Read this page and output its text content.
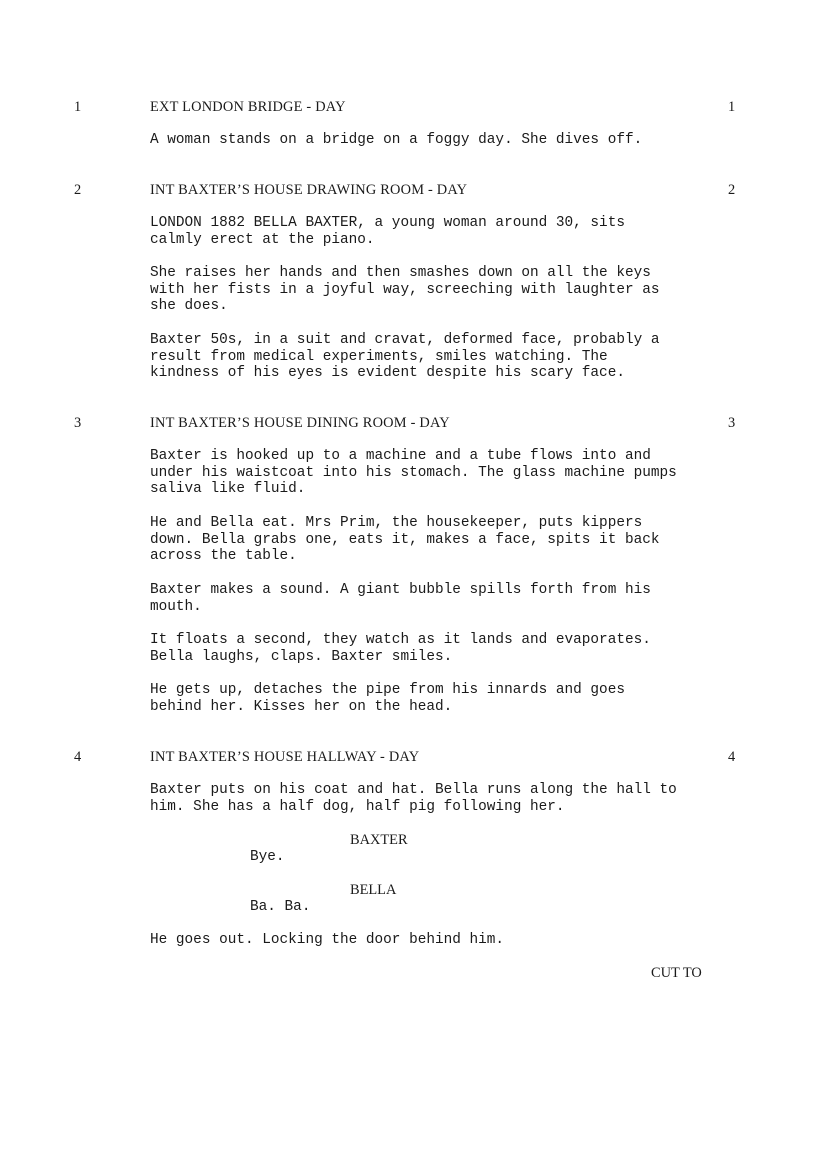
1	EXT LONDON BRIDGE - DAY	1

A woman stands on a bridge on a foggy day. She dives off.

2	INT BAXTER’S HOUSE DRAWING ROOM - DAY	2

LONDON 1882 BELLA BAXTER, a young woman around 30, sits
calmly erect at the piano.

She raises her hands and then smashes down on all the keys
with her fists in a joyful way, screeching with laughter as
she does.

Baxter 50s, in a suit and cravat, deformed face, probably a
result from medical experiments, smiles watching. The
kindness of his eyes is evident despite his scary face.

3	INT BAXTER’S HOUSE DINING ROOM - DAY	3

Baxter is hooked up to a machine and a tube flows into and
under his waistcoat into his stomach. The glass machine pumps
saliva like fluid.

He and Bella eat. Mrs Prim, the housekeeper, puts kippers
down. Bella grabs one, eats it, makes a face, spits it back
across the table.

Baxter makes a sound. A giant bubble spills forth from his
mouth.

It floats a second, they watch as it lands and evaporates.
Bella laughs, claps. Baxter smiles.

He gets up, detaches the pipe from his innards and goes
behind her. Kisses her on the head.

4	INT BAXTER’S HOUSE HALLWAY - DAY	4

Baxter puts on his coat and hat. Bella runs along the hall to
him. She has a half dog, half pig following her.

BAXTER
Bye.
BELLA
Ba. Ba.

He goes out. Locking the door behind him.

CUT TO
